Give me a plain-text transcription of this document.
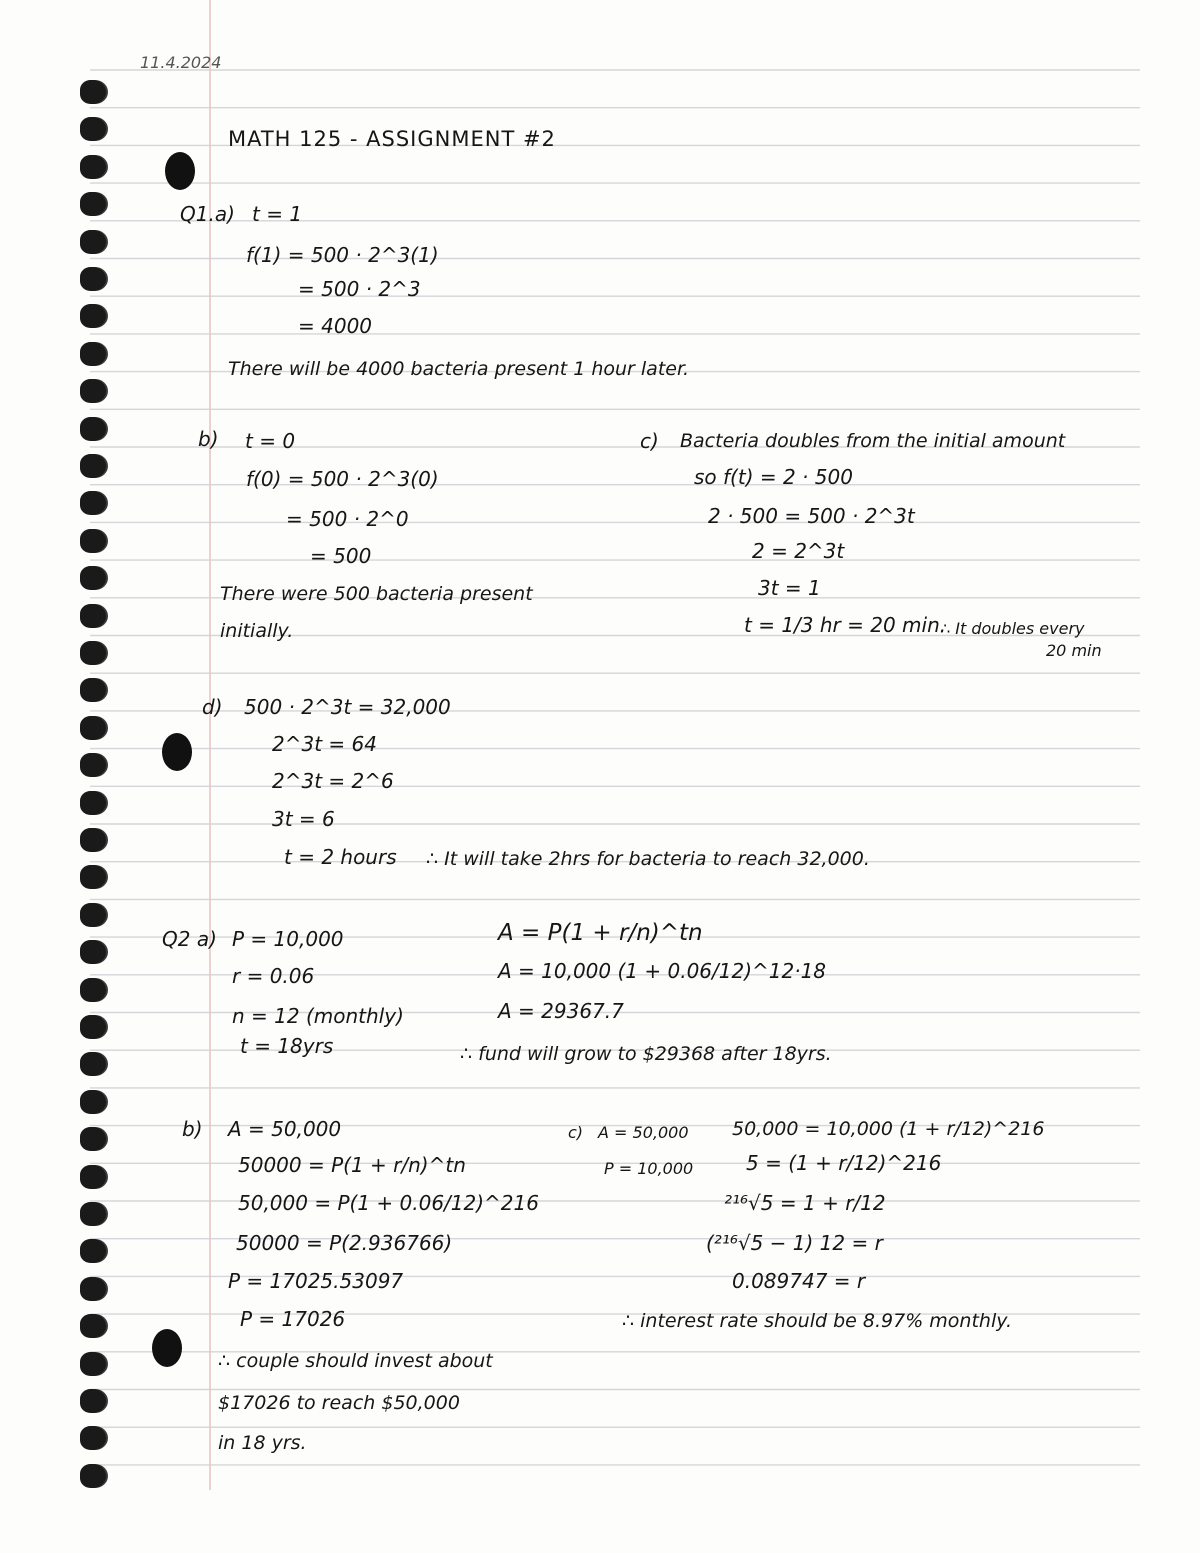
11.4.2024
MATH 125 - ASSIGNMENT #2
Q1.a) t = 1
f(1) = 500 · 2^3(1)
= 500 · 2^3
= 4000
There will be 4000 bacteria present 1 hour later.
b) t = 0
f(0) = 500 · 2^3(0)
= 500 · 2^0
= 500
There were 500 bacteria present
initially.
c) Bacteria doubles from the initial amount
so f(t) = 2 · 500
2 · 500 = 500 · 2^3t
2 = 2^3t
3t = 1
t = 1/3 hr = 20 min.
∴ It doubles every
20 min
d) 500 · 2^3t = 32,000
2^3t = 64
2^3t = 2^6
3t = 6
t = 2 hours ∴ It will take 2hrs for bacteria to reach 32,000.
Q2 a) P = 10,000
r = 0.06
n = 12 (monthly)
t = 18yrs
A = P(1 + r/n)^tn
A = 10,000 (1 + 0.06/12)^12·18
A = 29367.7
∴ fund will grow to $29368 after 18yrs.
b) A = 50,000
50000 = P(1 + r/n)^tn
50,000 = P(1 + 0.06/12)^216
50000 = P(2.936766)
P = 17025.53097
P = 17026
∴ couple should invest about
$17026 to reach $50,000
in 18 yrs.
c) A = 50,000
P = 10,000
50,000 = 10,000 (1 + r/12)^216
5 = (1 + r/12)^216
²¹⁶√5 = 1 + r/12
(²¹⁶√5 − 1) 12 = r
0.089747 = r
∴ interest rate should be 8.97% monthly.
